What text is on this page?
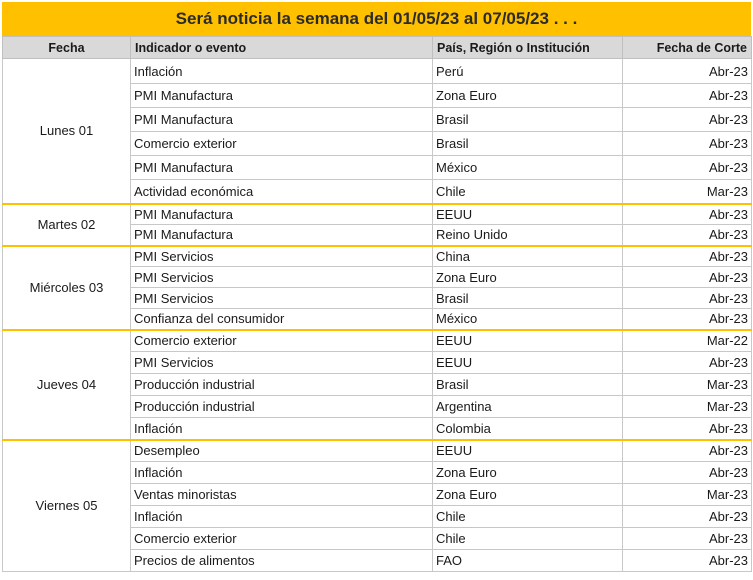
Será noticia la semana del 01/05/23 al 07/05/23 . . .
Fecha	Indicador o evento	País, Región o Institución	Fecha de Corte
Lunes 01	Inflación	Perú	Abr-23
	PMI Manufactura	Zona Euro	Abr-23
	PMI Manufactura	Brasil	Abr-23
	Comercio exterior	Brasil	Abr-23
	PMI Manufactura	México	Abr-23
	Actividad económica	Chile	Mar-23
Martes 02	PMI Manufactura	EEUU	Abr-23
	PMI Manufactura	Reino Unido	Abr-23
Miércoles 03	PMI Servicios	China	Abr-23
	PMI Servicios	Zona Euro	Abr-23
	PMI Servicios	Brasil	Abr-23
	Confianza del consumidor	México	Abr-23
Jueves 04	Comercio exterior	EEUU	Mar-22
	PMI Servicios	EEUU	Abr-23
	Producción industrial	Brasil	Mar-23
	Producción industrial	Argentina	Mar-23
	Inflación	Colombia	Abr-23
Viernes 05	Desempleo	EEUU	Abr-23
	Inflación	Zona Euro	Abr-23
	Ventas minoristas	Zona Euro	Mar-23
	Inflación	Chile	Abr-23
	Comercio exterior	Chile	Abr-23
	Precios de alimentos	FAO	Abr-23
